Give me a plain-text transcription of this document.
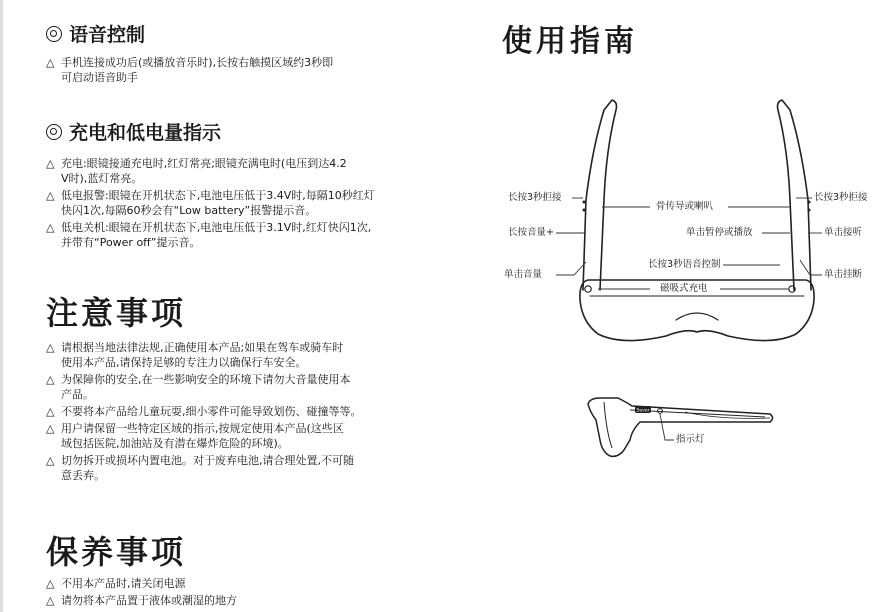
语音控制
△ 手机连接成功后(或播放音乐时),长按右触摸区域约3秒即
可启动语音助手
充电和低电量指示
△ 充电:眼镜接通充电时,红灯常亮;眼镜充满电时(电压到达4.2
V时),蓝灯常亮。
△ 低电报警:眼镜在开机状态下,电池电压低于3.4V时,每隔10秒红灯
快闪1次,每隔60秒会有“Low battery”报警提示音。
△ 低电关机:眼镜在开机状态下,电池电压低于3.1V时,红灯快闪1次,
并带有“Power off”提示音。
注意事项
△ 请根据当地法律法规,正确使用本产品;如果在驾车或骑车时
使用本产品,请保持足够的专注力以确保行车安全。
△ 为保障你的安全,在一些影响安全的环境下请勿大音量使用本
产品。
△ 不要将本产品给儿童玩耍,细小零件可能导致划伤、碰撞等等。
△ 用户请保留一些特定区域的指示,按规定使用本产品(这些区
域包括医院,加油站及有潜在爆炸危险的环境)。
△ 切勿拆开或损坏内置电池。对于废弃电池,请合理处置,不可随
意丢弃。
保养事项
△ 不用本产品时,请关闭电源
△ 请勿将本产品置于液体或潮湿的地方
使用指南
Sever
长按3秒拒接
长按音量+
单击音量
骨传导或喇叭
单击暂停或播放
长按3秒语音控制
磁吸式充电
长按3秒拒接
单击接听
单击挂断
指示灯
